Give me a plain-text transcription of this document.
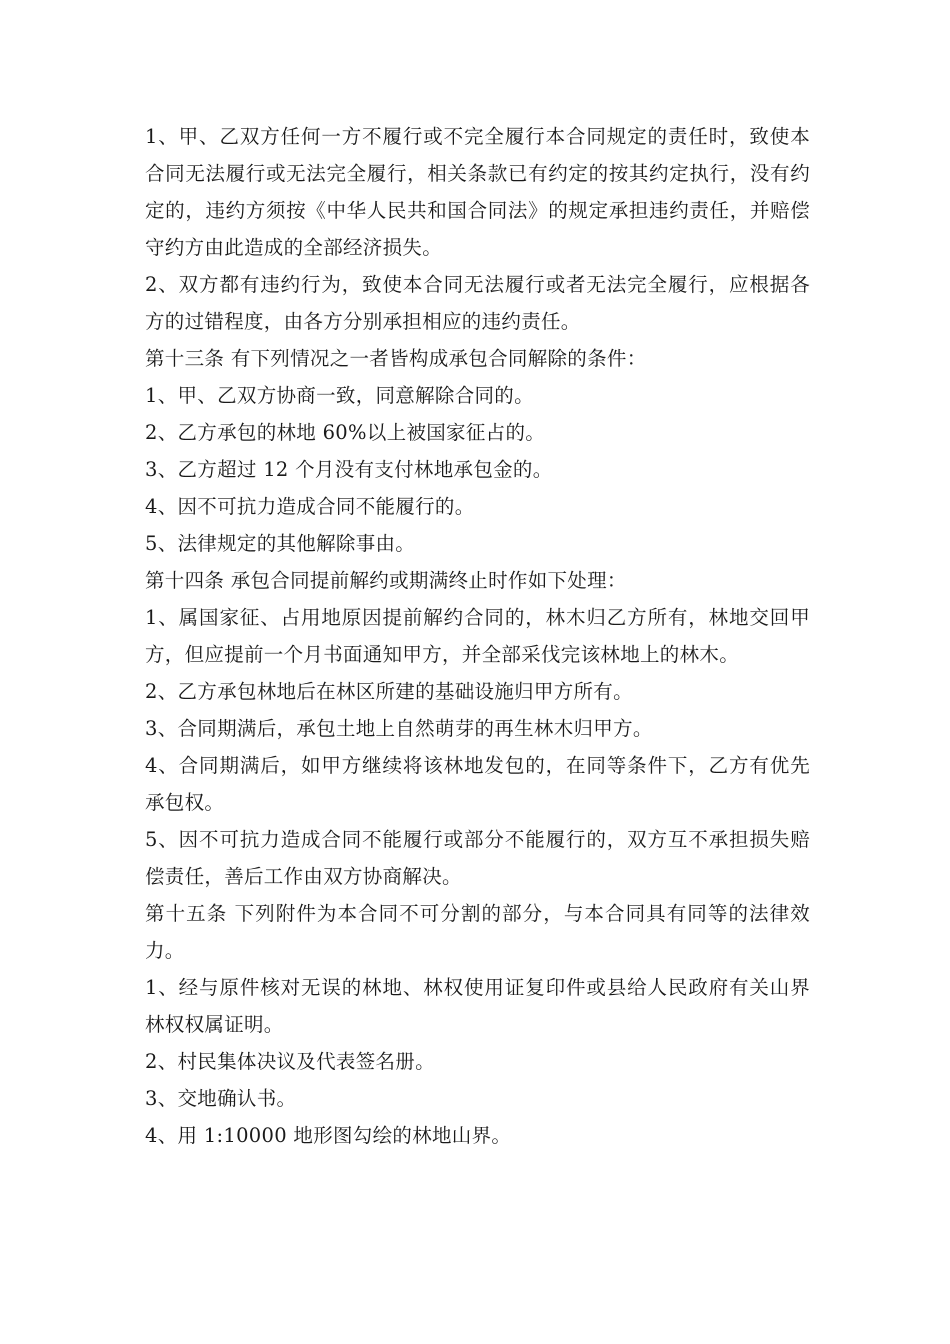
1、甲、乙双方任何一方不履行或不完全履行本合同规定的责任时，致使本合同无法履行或无法完全履行，相关条款已有约定的按其约定执行，没有约定的，违约方须按《中华人民共和国合同法》的规定承担违约责任，并赔偿守约方由此造成的全部经济损失。

2、双方都有违约行为，致使本合同无法履行或者无法完全履行，应根据各方的过错程度，由各方分别承担相应的违约责任。

第十三条 有下列情况之一者皆构成承包合同解除的条件：

1、甲、乙双方协商一致，同意解除合同的。

2、乙方承包的林地 60%以上被国家征占的。

3、乙方超过 12 个月没有支付林地承包金的。

4、因不可抗力造成合同不能履行的。

5、法律规定的其他解除事由。

第十四条 承包合同提前解约或期满终止时作如下处理：

1、属国家征、占用地原因提前解约合同的，林木归乙方所有，林地交回甲方，但应提前一个月书面通知甲方，并全部采伐完该林地上的林木。

2、乙方承包林地后在林区所建的基础设施归甲方所有。

3、合同期满后，承包土地上自然萌芽的再生林木归甲方。

4、合同期满后，如甲方继续将该林地发包的，在同等条件下，乙方有优先承包权。

5、因不可抗力造成合同不能履行或部分不能履行的，双方互不承担损失赔偿责任，善后工作由双方协商解决。

第十五条 下列附件为本合同不可分割的部分，与本合同具有同等的法律效力。

1、经与原件核对无误的林地、林权使用证复印件或县给人民政府有关山界林权权属证明。

2、村民集体决议及代表签名册。

3、交地确认书。

4、用 1:10000 地形图勾绘的林地山界。
